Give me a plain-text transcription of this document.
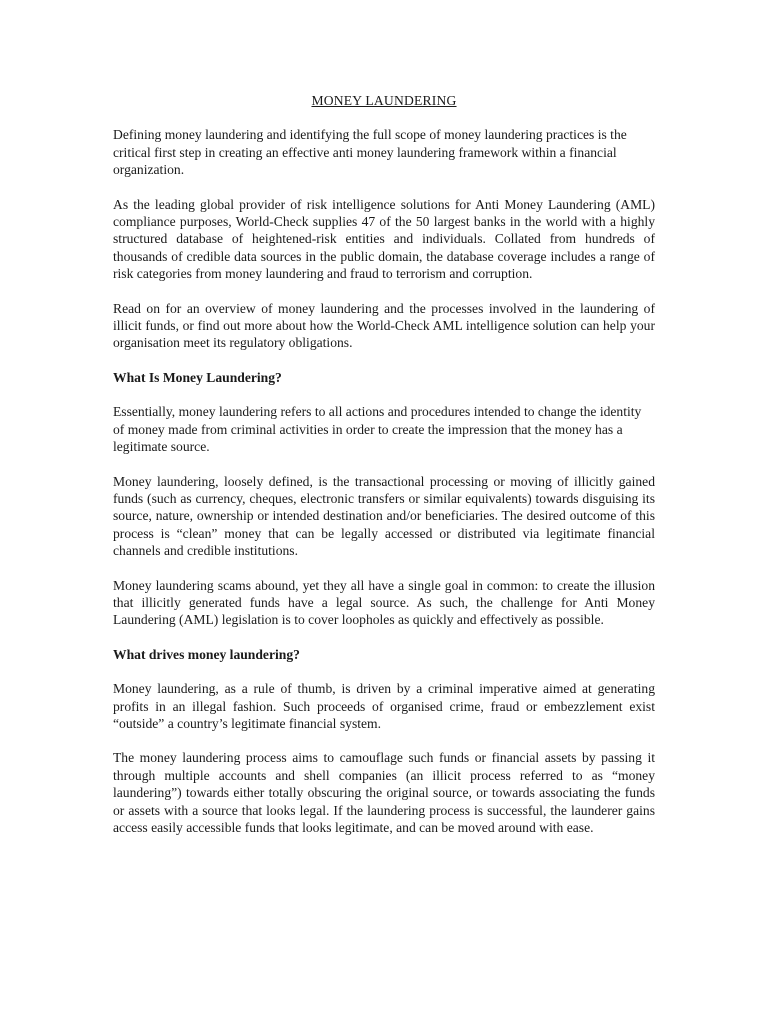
MONEY LAUNDERING

Defining money laundering and identifying the full scope of money laundering practices is the critical first step in creating an effective anti money laundering framework within a financial organization.

As the leading global provider of risk intelligence solutions for Anti Money Laundering (AML) compliance purposes, World-Check supplies 47 of the 50 largest banks in the world with a highly structured database of heightened-risk entities and individuals. Collated from hundreds of thousands of credible data sources in the public domain, the database coverage includes a range of risk categories from money laundering and fraud to terrorism and corruption.

Read on for an overview of money laundering and the processes involved in the laundering of illicit funds, or find out more about how the World-Check AML intelligence solution can help your organisation meet its regulatory obligations.

What Is Money Laundering?

Essentially, money laundering refers to all actions and procedures intended to change the identity of money made from criminal activities in order to create the impression that the money has a legitimate source.

Money laundering, loosely defined, is the transactional processing or moving of illicitly gained funds (such as currency, cheques, electronic transfers or similar equivalents) towards disguising its source, nature, ownership or intended destination and/or beneficiaries. The desired outcome of this process is “clean” money that can be legally accessed or distributed via legitimate financial channels and credible institutions.

Money laundering scams abound, yet they all have a single goal in common: to create the illusion that illicitly generated funds have a legal source. As such, the challenge for Anti Money Laundering (AML) legislation is to cover loopholes as quickly and effectively as possible.

What drives money laundering?

Money laundering, as a rule of thumb, is driven by a criminal imperative aimed at generating profits in an illegal fashion. Such proceeds of organised crime, fraud or embezzlement exist “outside” a country’s legitimate financial system.

The money laundering process aims to camouflage such funds or financial assets by passing it through multiple accounts and shell companies (an illicit process referred to as “money laundering”) towards either totally obscuring the original source, or towards associating the funds or assets with a source that looks legal. If the laundering process is successful, the launderer gains access easily accessible funds that looks legitimate, and can be moved around with ease.
